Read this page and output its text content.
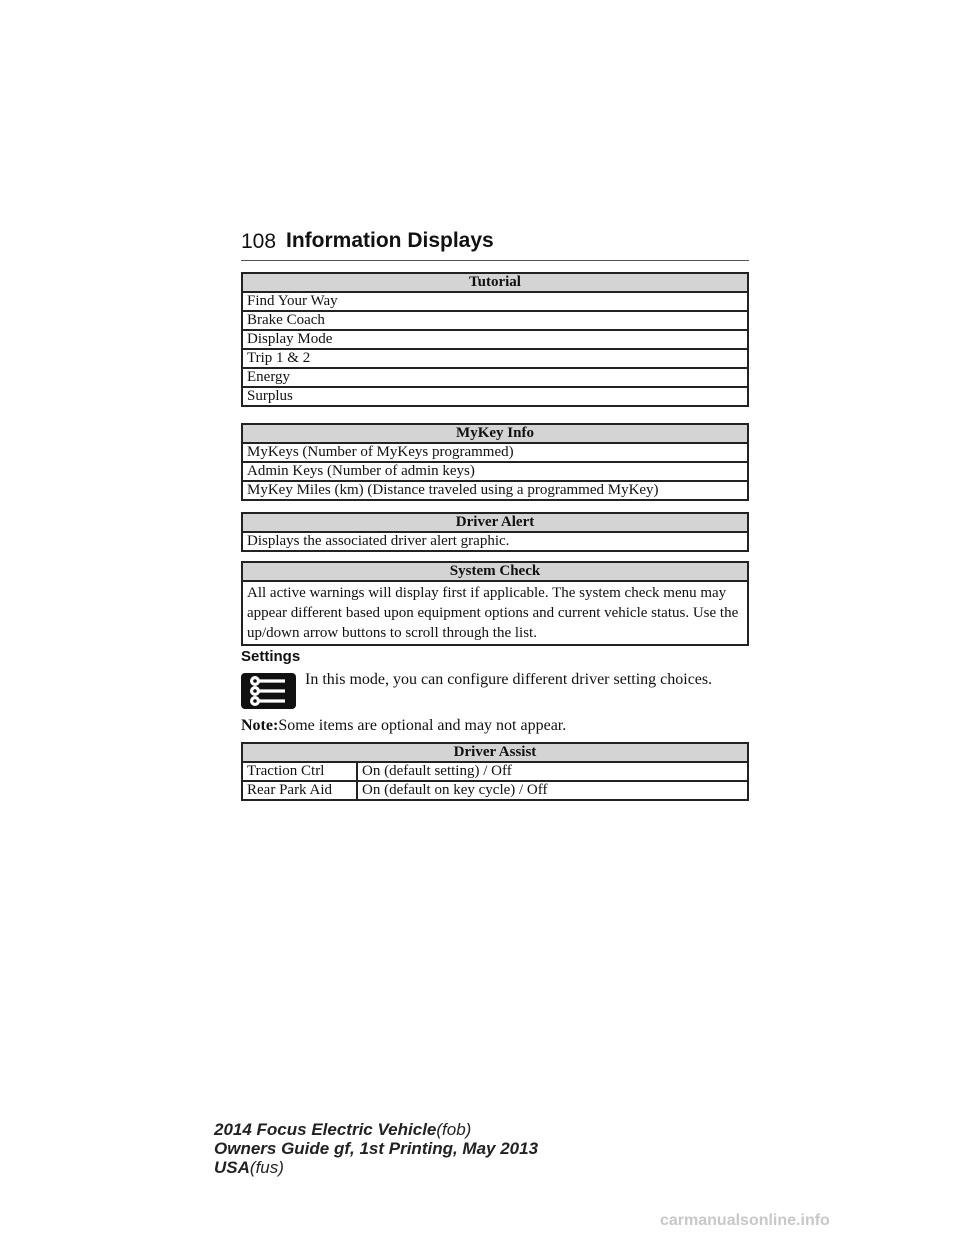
108 Information Displays
Tutorial
Find Your Way
Brake Coach
Display Mode
Trip 1 & 2
Energy
Surplus
MyKey Info
MyKeys (Number of MyKeys programmed)
Admin Keys (Number of admin keys)
MyKey Miles (km) (Distance traveled using a programmed MyKey)
Driver Alert
Displays the associated driver alert graphic.
System Check
All active warnings will display first if applicable. The system check menu may appear different based upon equipment options and current vehicle status. Use the up/down arrow buttons to scroll through the list.
Settings
In this mode, you can configure different driver setting choices.
Note:Some items are optional and may not appear.
Driver Assist	
Traction Ctrl	On (default setting) / Off
Rear Park Aid	On (default on key cycle) / Off
2014 Focus Electric Vehicle(fob)
Owners Guide gf, 1st Printing, May 2013
USA(fus)
carmanualsonline.info
